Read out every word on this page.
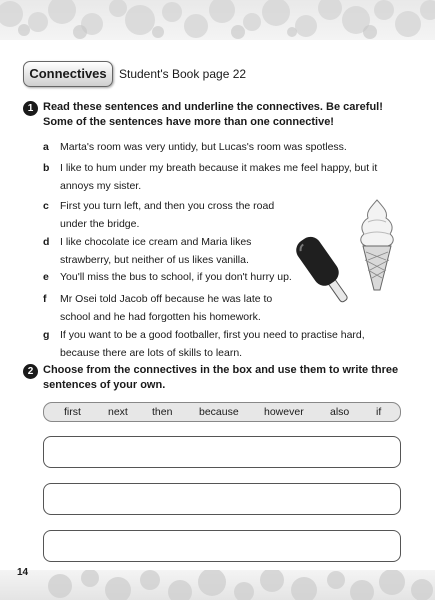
Connectives	Student's Book page 22
1 Read these sentences and underline the connectives. Be careful!
Some of the sentences have more than one connective!
a Marta's room was very untidy, but Lucas's room was spotless.
b I like to hum under my breath because it makes me feel happy, but it
annoys my sister.
c First you turn left, and then you cross the road
under the bridge.
d I like chocolate ice cream and Maria likes
strawberry, but neither of us likes vanilla.
e You'll miss the bus to school, if you don't hurry up.
f Mr Osei told Jacob off because he was late to
school and he had forgotten his homework.
g If you want to be a good footballer, first you need to practise hard,
because there are lots of skills to learn.
2 Choose from the connectives in the box and use them to write three
sentences of your own.
first	next then	because however	also	if
14
